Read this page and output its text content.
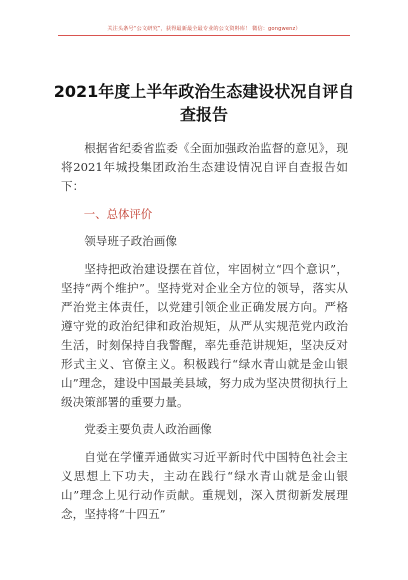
关注头条号“公文研究”，获得最新最全最专业的公文资料库！ 微信：gongwenz）
2021年度上半年政治生态建设状况自评自查报告

根据省纪委省监委《全面加强政治监督的意见》，现将2021年城投集团政治生态建设情况自评自查报告如下：

一、总体评价

领导班子政治画像

坚持把政治建设摆在首位，牢固树立“四个意识”，坚持“两个维护”。坚持党对企业全方位的领导，落实从严治党主体责任，以党建引领企业正确发展方向。严格遵守党的政治纪律和政治规矩，从严从实规范党内政治生活，时刻保持自我警醒，率先垂范讲规矩，坚决反对形式主义、官僚主义。积极践行“绿水青山就是金山银山”理念，建设中国最美县域，努力成为坚决贯彻执行上级决策部署的重要力量。

党委主要负责人政治画像

自觉在学懂弄通做实习近平新时代中国特色社会主义思想上下功夫，主动在践行“绿水青山就是金山银山”理念上见行动作贡献。重规划，深入贯彻新发展理念，坚持将“十四五”
